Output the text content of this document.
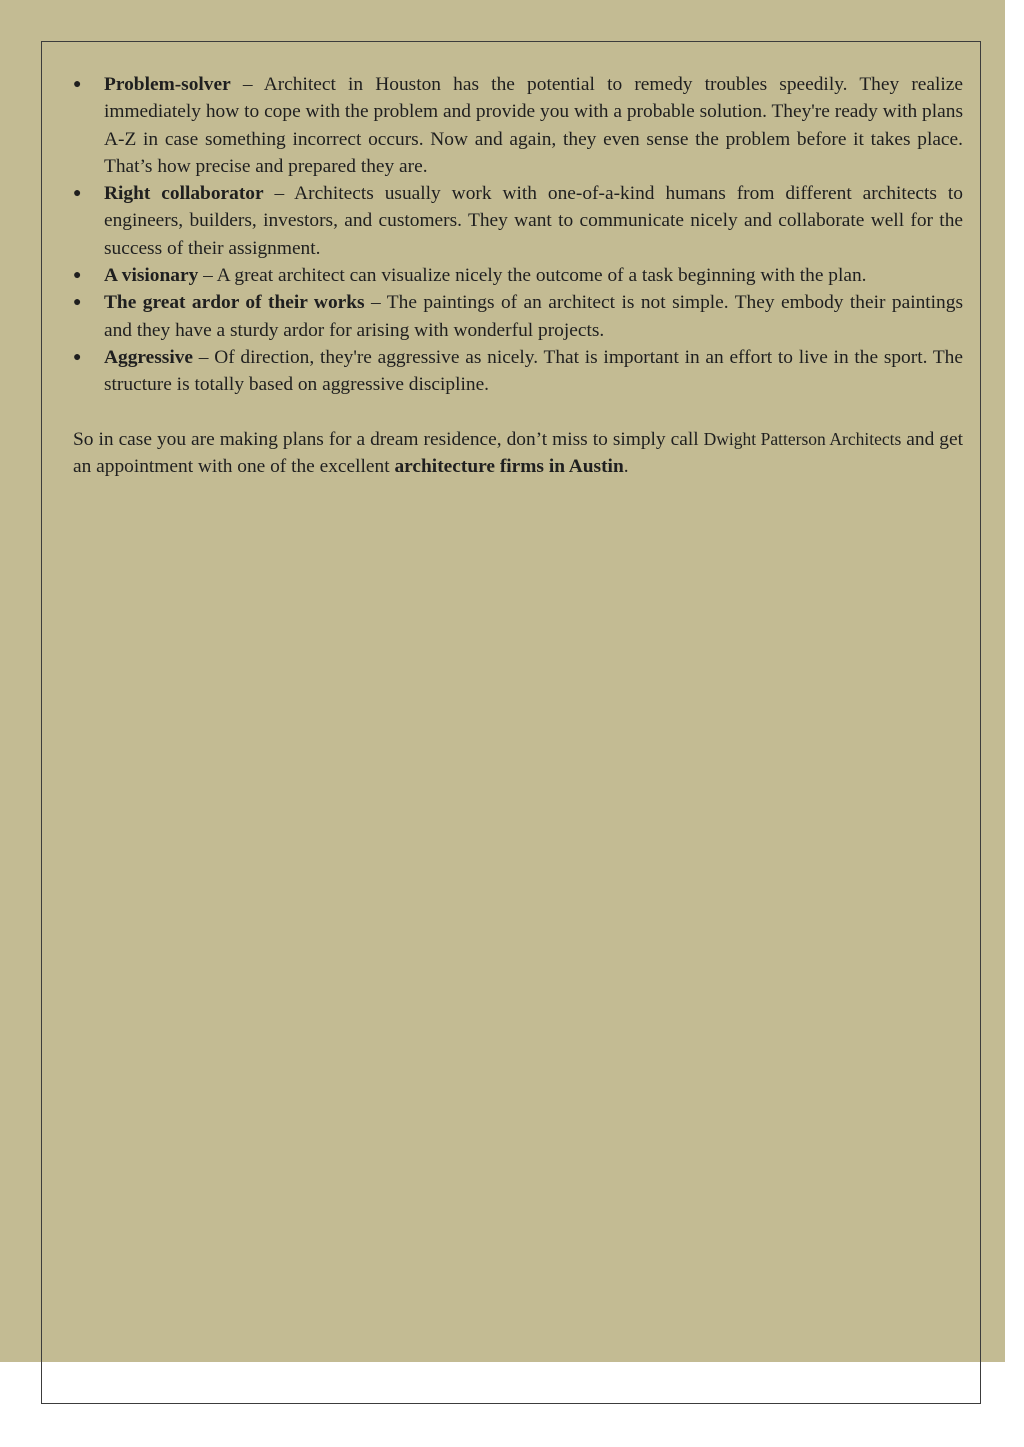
● Problem-solver – Architect in Houston has the potential to remedy troubles speedily. They realize immediately how to cope with the problem and provide you with a probable solution. They're ready with plans A-Z in case something incorrect occurs. Now and again, they even sense the problem before it takes place. That’s how precise and prepared they are.
● Right collaborator – Architects usually work with one-of-a-kind humans from different architects to engineers, builders, investors, and customers. They want to communicate nicely and collaborate well for the success of their assignment.
● A visionary – A great architect can visualize nicely the outcome of a task beginning with the plan.
● The great ardor of their works – The paintings of an architect is not simple. They embody their paintings and they have a sturdy ardor for arising with wonderful projects.
● Aggressive – Of direction, they're aggressive as nicely. That is important in an effort to live in the sport. The structure is totally based on aggressive discipline.

So in case you are making plans for a dream residence, don’t miss to simply call Dwight Patterson Architects and get an appointment with one of the excellent architecture firms in Austin.
